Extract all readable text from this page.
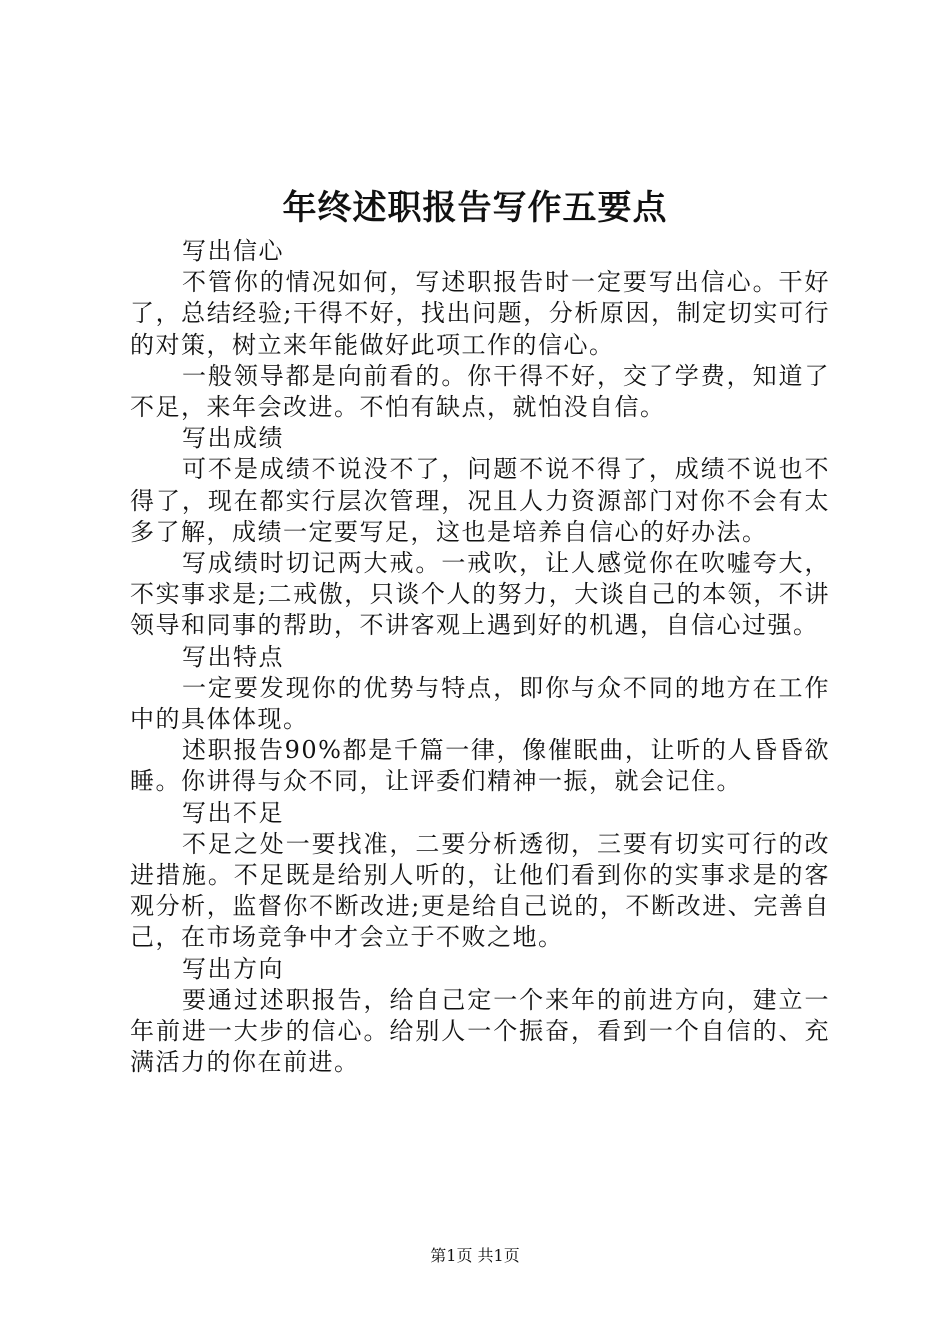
年终述职报告写作五要点

写出信心

不管你的情况如何，写述职报告时一定要写出信心。干好了，总结经验;干得不好，找出问题，分析原因，制定切实可行的对策，树立来年能做好此项工作的信心。

一般领导都是向前看的。你干得不好，交了学费，知道了不足，来年会改进。不怕有缺点，就怕没自信。

写出成绩

可不是成绩不说没不了，问题不说不得了，成绩不说也不得了，现在都实行层次管理，况且人力资源部门对你不会有太多了解，成绩一定要写足，这也是培养自信心的好办法。

写成绩时切记两大戒。一戒吹，让人感觉你在吹嘘夸大，不实事求是;二戒傲，只谈个人的努力，大谈自己的本领，不讲领导和同事的帮助，不讲客观上遇到好的机遇，自信心过强。

写出特点

一定要发现你的优势与特点，即你与众不同的地方在工作中的具体体现。

述职报告90%都是千篇一律，像催眠曲，让听的人昏昏欲睡。你讲得与众不同，让评委们精神一振，就会记住。

写出不足

不足之处一要找准，二要分析透彻，三要有切实可行的改进措施。不足既是给别人听的，让他们看到你的实事求是的客观分析，监督你不断改进;更是给自己说的，不断改进、完善自己，在市场竞争中才会立于不败之地。

写出方向

要通过述职报告，给自己定一个来年的前进方向，建立一年前进一大步的信心。给别人一个振奋，看到一个自信的、充满活力的你在前进。

第1页 共1页
